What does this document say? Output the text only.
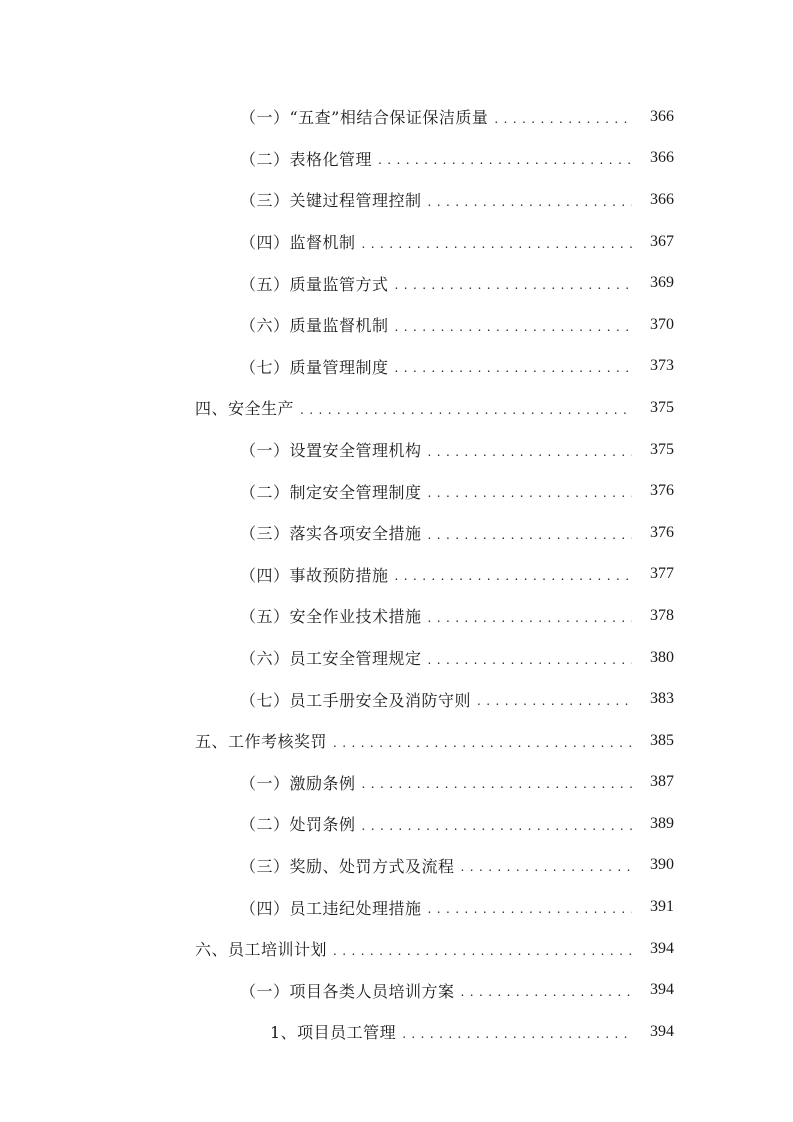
（一）“五查”相结合保证保洁质量 . . .	366
（二）表格化管理 . . .	366
（三）关键过程管理控制 . . .	366
（四）监督机制 . . .	367
（五）质量监管方式 . . .	369
（六）质量监督机制 . . .	370
（七）质量管理制度 . . .	373
四、安全生产 . . .	375
（一）设置安全管理机构 . . .	375
（二）制定安全管理制度 . . .	376
（三）落实各项安全措施 . . .	376
（四）事故预防措施 . . .	377
（五）安全作业技术措施 . . .	378
（六）员工安全管理规定 . . .	380
（七）员工手册安全及消防守则 . . .	383
五、工作考核奖罚 . . .	385
（一）激励条例 . . .	387
（二）处罚条例 . . .	389
（三）奖励、处罚方式及流程 . . .	390
（四）员工违纪处理措施 . . .	391
六、员工培训计划 . . .	394
（一）项目各类人员培训方案 . . .	394
1、项目员工管理 . . .	394
